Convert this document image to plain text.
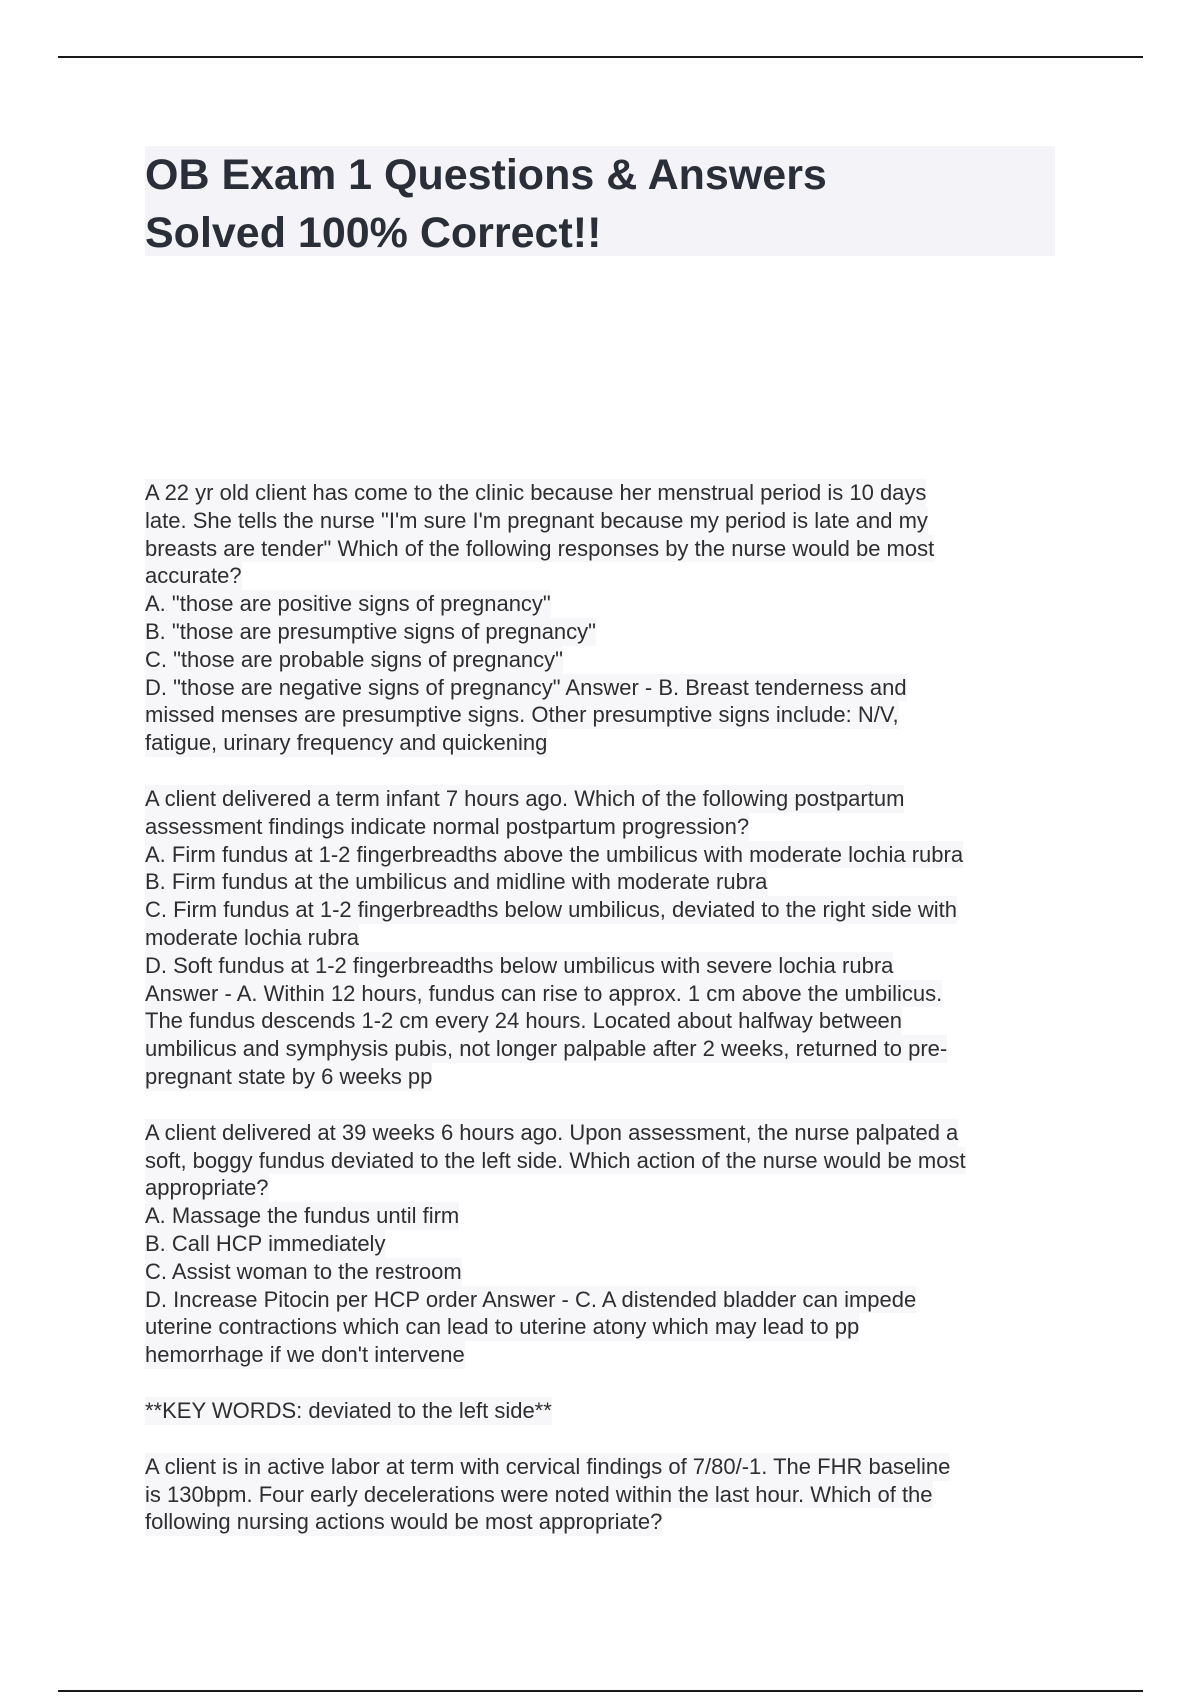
OB Exam 1 Questions & Answers

Solved 100% Correct!!

A 22 yr old client has come to the clinic because her menstrual period is 10 days
late. She tells the nurse "I'm sure I'm pregnant because my period is late and my
breasts are tender" Which of the following responses by the nurse would be most
accurate?
A. "those are positive signs of pregnancy"
B. "those are presumptive signs of pregnancy"
C. "those are probable signs of pregnancy"
D. "those are negative signs of pregnancy" Answer - B. Breast tenderness and
missed menses are presumptive signs. Other presumptive signs include: N/V,
fatigue, urinary frequency and quickening
A client delivered a term infant 7 hours ago. Which of the following postpartum
assessment findings indicate normal postpartum progression?
A. Firm fundus at 1-2 fingerbreadths above the umbilicus with moderate lochia rubra
B. Firm fundus at the umbilicus and midline with moderate rubra
C. Firm fundus at 1-2 fingerbreadths below umbilicus, deviated to the right side with
moderate lochia rubra
D. Soft fundus at 1-2 fingerbreadths below umbilicus with severe lochia rubra
Answer - A. Within 12 hours, fundus can rise to approx. 1 cm above the umbilicus.
The fundus descends 1-2 cm every 24 hours. Located about halfway between
umbilicus and symphysis pubis, not longer palpable after 2 weeks, returned to pre-
pregnant state by 6 weeks pp
A client delivered at 39 weeks 6 hours ago. Upon assessment, the nurse palpated a
soft, boggy fundus deviated to the left side. Which action of the nurse would be most
appropriate?
A. Massage the fundus until firm
B. Call HCP immediately
C. Assist woman to the restroom
D. Increase Pitocin per HCP order Answer - C. A distended bladder can impede
uterine contractions which can lead to uterine atony which may lead to pp
hemorrhage if we don't intervene
**KEY WORDS: deviated to the left side**
A client is in active labor at term with cervical findings of 7/80/-1. The FHR baseline
is 130bpm. Four early decelerations were noted within the last hour. Which of the
following nursing actions would be most appropriate?
